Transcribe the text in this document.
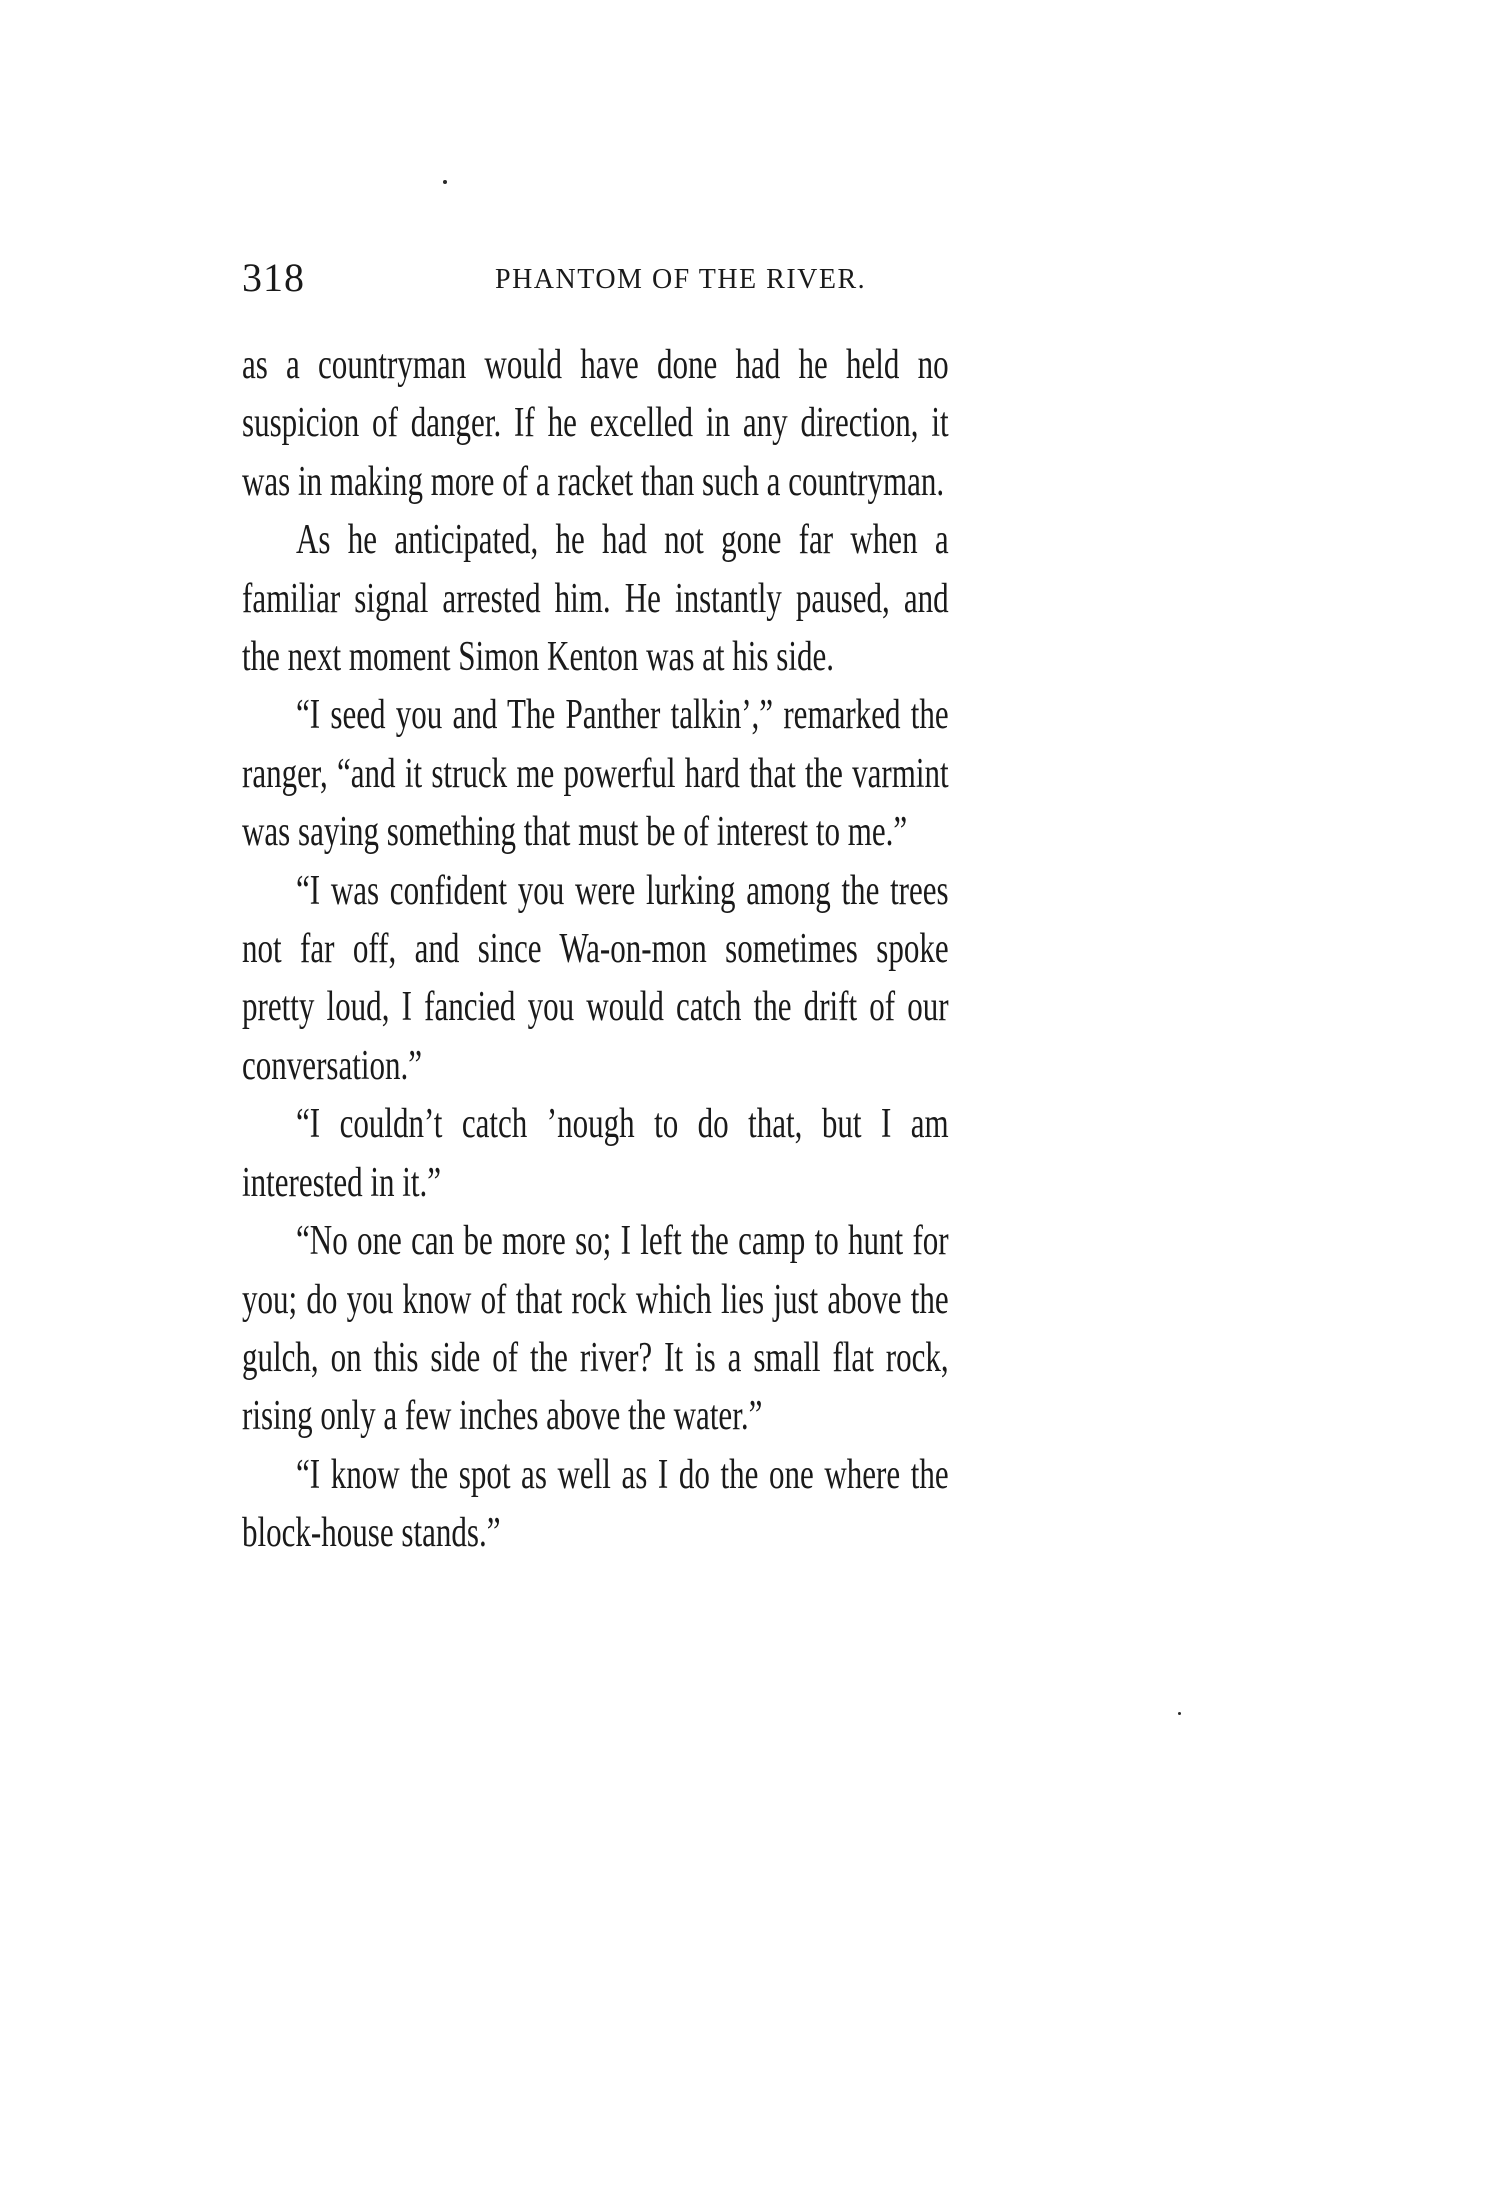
318	PHANTOM OF THE RIVER.

as a countryman would have done had he held no suspicion of danger. If he excelled in any direction, it was in making more of a racket than such a countryman.

As he anticipated, he had not gone far when a familiar signal arrested him. He instantly paused, and the next moment Simon Kenton was at his side.

“I seed you and The Panther talkin’,” remarked the ranger, “and it struck me powerful hard that the varmint was saying something that must be of interest to me.”

“I was confident you were lurking among the trees not far off, and since Wa-on-mon sometimes spoke pretty loud, I fancied you would catch the drift of our conversation.”

“I couldn’t catch ’nough to do that, but I am interested in it.”

“No one can be more so; I left the camp to hunt for you; do you know of that rock which lies just above the gulch, on this side of the river? It is a small flat rock, rising only a few inches above the water.”

“I know the spot as well as I do the one where the block-house stands.”
